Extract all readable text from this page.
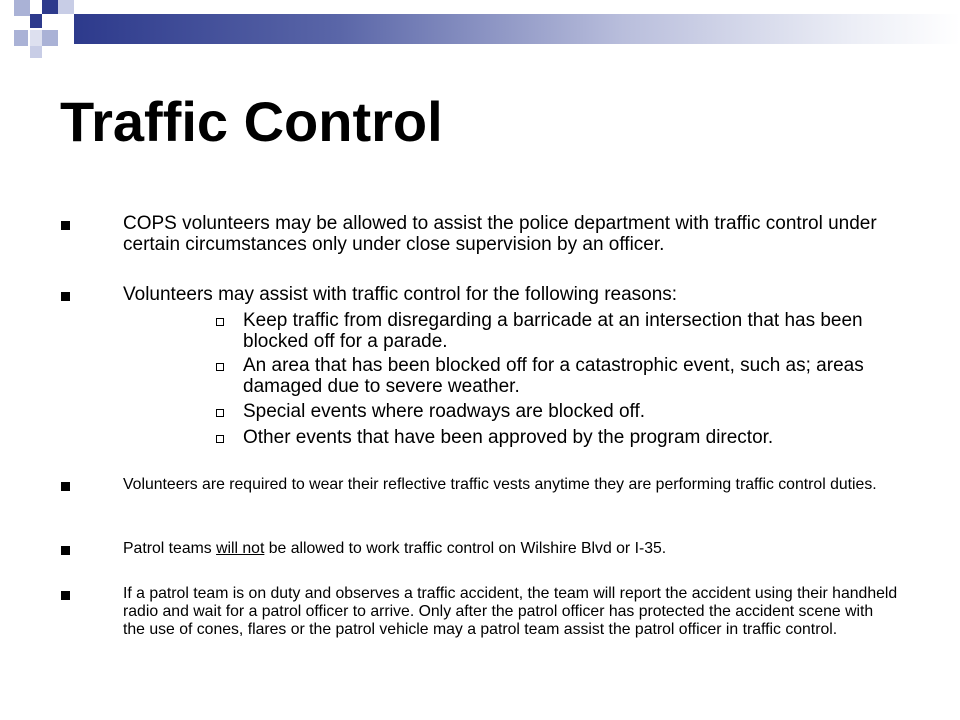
Traffic Control

COPS volunteers may be allowed to assist the police department with traffic control under certain circumstances only under close supervision by an officer.

Volunteers may assist with traffic control for the following reasons:

Keep traffic from disregarding a barricade at an intersection that has been blocked off for a parade.

An area that has been blocked off for a catastrophic event, such as; areas damaged due to severe weather.

Special events where roadways are blocked off.

Other events that have been approved by the program director.

Volunteers are required to wear their reflective traffic vests anytime they are performing traffic control duties.

Patrol teams will not be allowed to work traffic control on Wilshire Blvd or I-35.

If a patrol team is on duty and observes a traffic accident, the team will report the accident using their handheld radio and wait for a patrol officer to arrive. Only after the patrol officer has protected the accident scene with the use of cones, flares or the patrol vehicle may a patrol team assist the patrol officer in traffic control.
